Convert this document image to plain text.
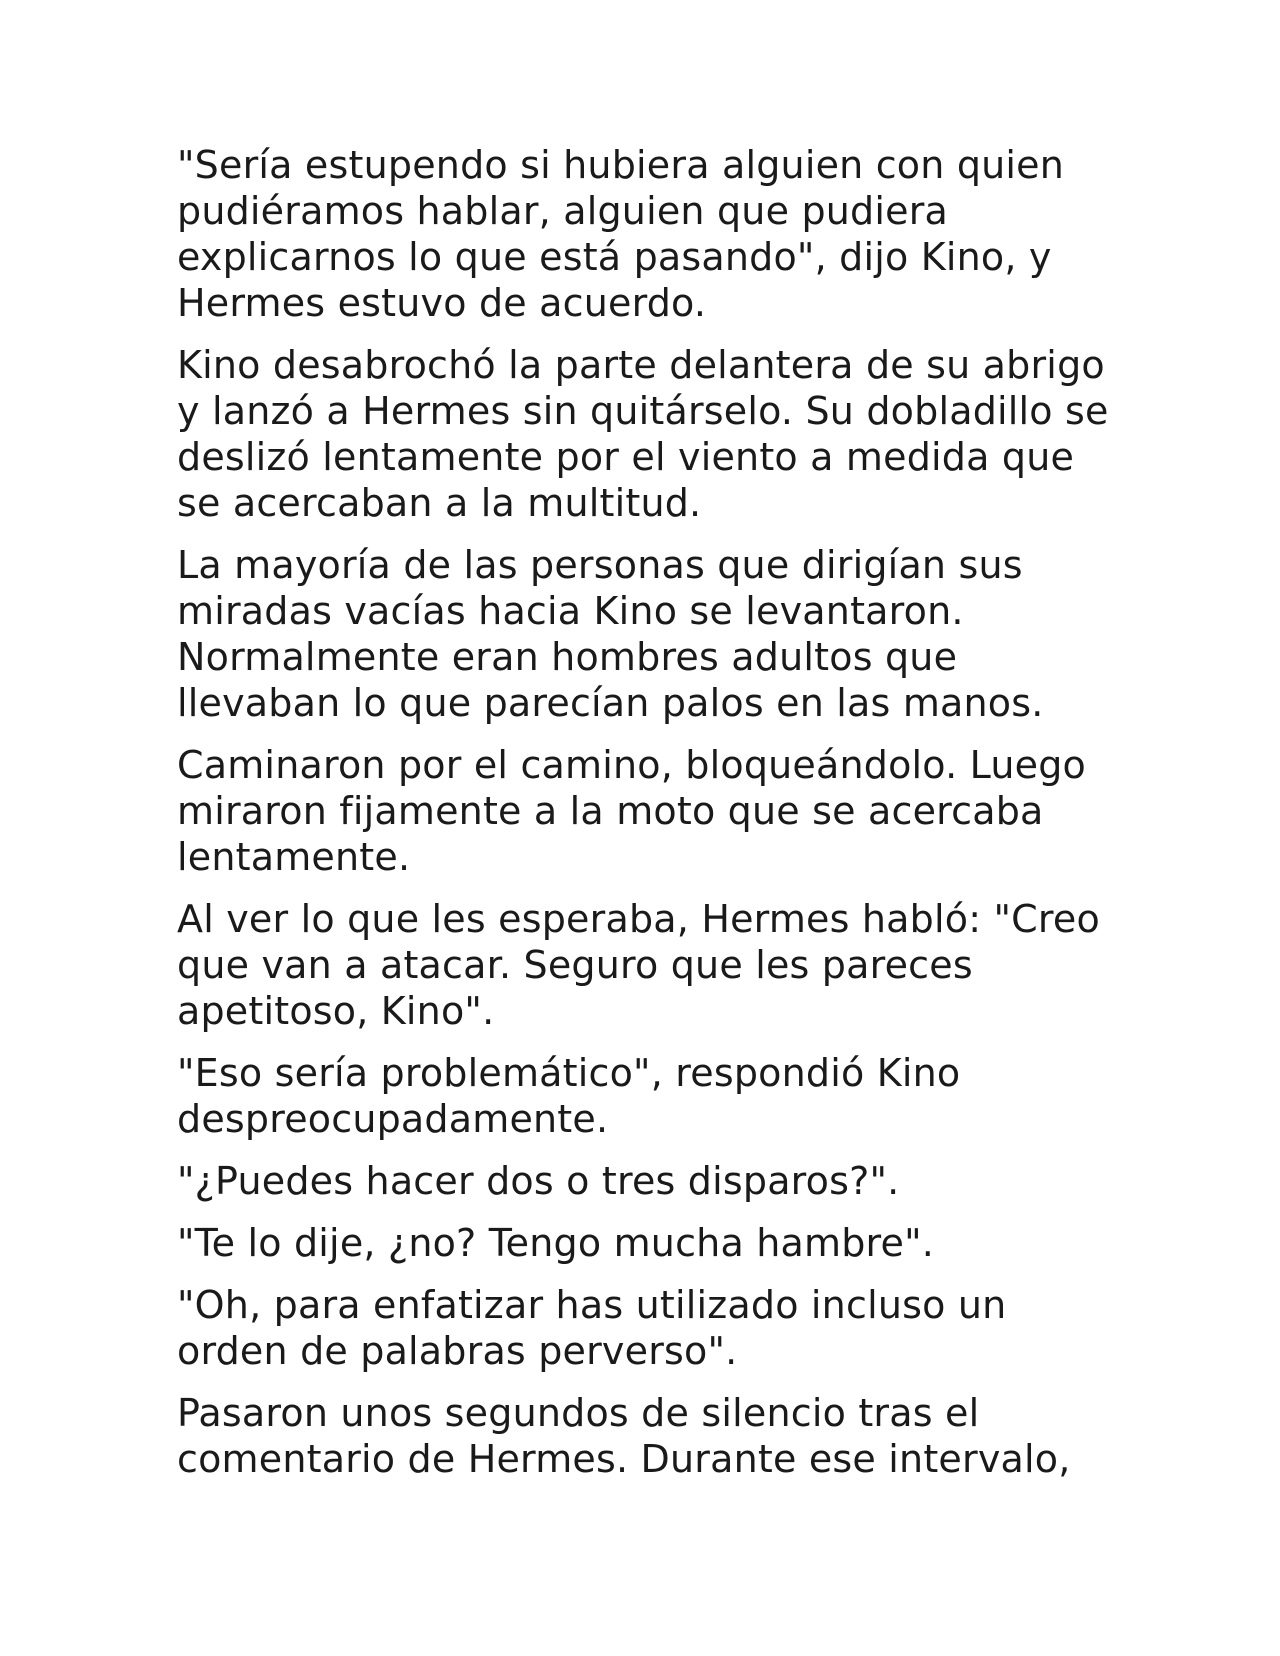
"Sería estupendo si hubiera alguien con quien pudiéramos hablar, alguien que pudiera explicarnos lo que está pasando", dijo Kino, y Hermes estuvo de acuerdo.

Kino desabrochó la parte delantera de su abrigo y lanzó a Hermes sin quitárselo. Su dobladillo se deslizó lentamente por el viento a medida que se acercaban a la multitud.

La mayoría de las personas que dirigían sus miradas vacías hacia Kino se levantaron. Normalmente eran hombres adultos que llevaban lo que parecían palos en las manos.

Caminaron por el camino, bloqueándolo. Luego miraron fijamente a la moto que se acercaba lentamente.

Al ver lo que les esperaba, Hermes habló: "Creo que van a atacar. Seguro que les pareces apetitoso, Kino".

"Eso sería problemático", respondió Kino despreocupadamente.

"¿Puedes hacer dos o tres disparos?".

"Te lo dije, ¿no? Tengo mucha hambre".

"Oh, para enfatizar has utilizado incluso un orden de palabras perverso".

Pasaron unos segundos de silencio tras el comentario de Hermes. Durante ese intervalo,
